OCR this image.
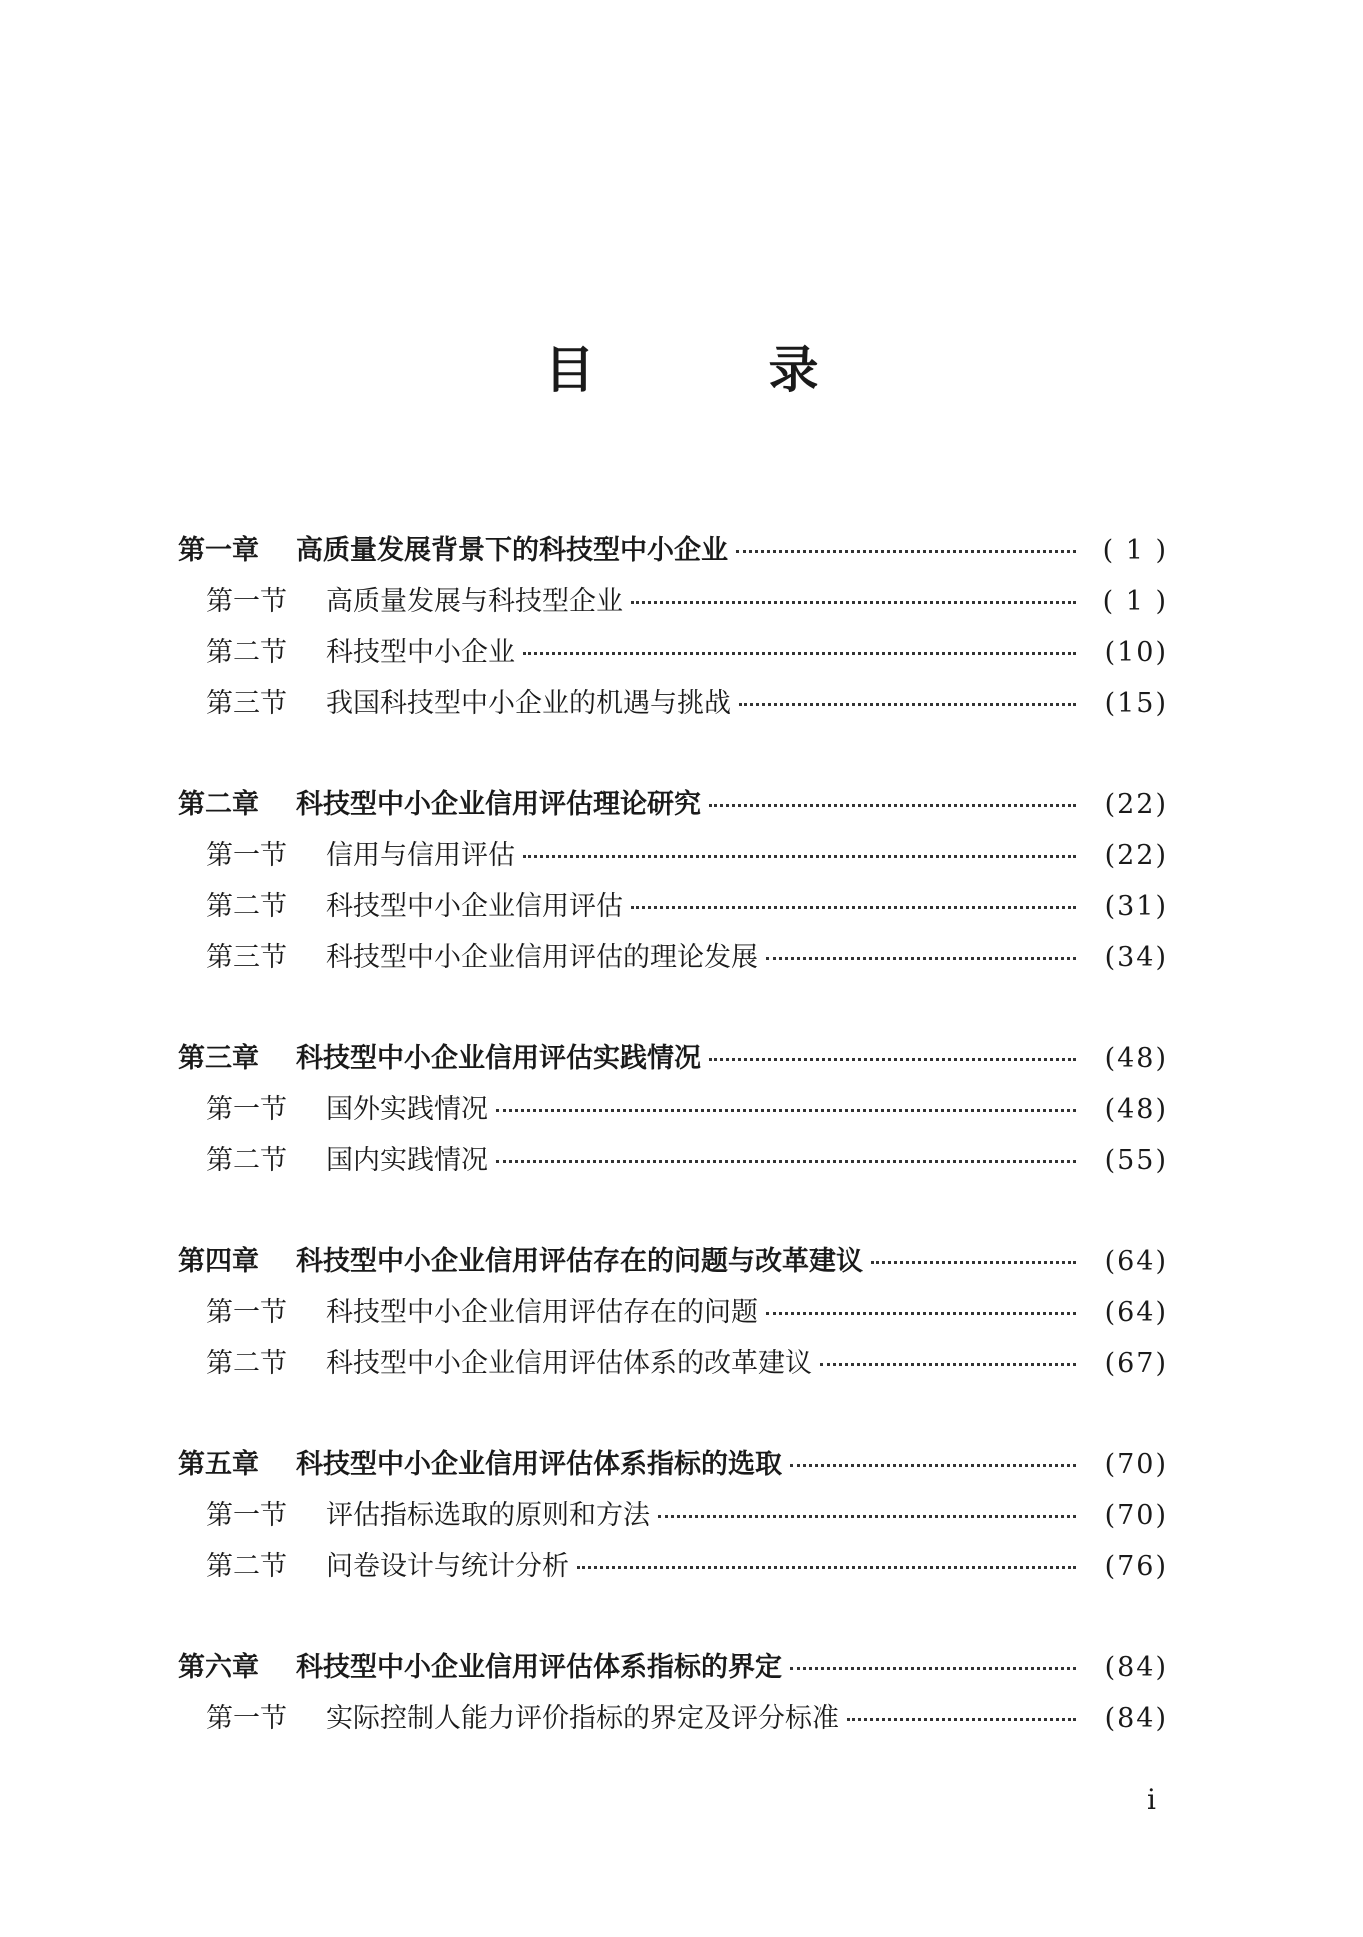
目　录
第一章	高质量发展背景下的科技型中小企业	( 1 )
第一节	高质量发展与科技型企业	( 1 )
第二节	科技型中小企业	(10)
第三节	我国科技型中小企业的机遇与挑战	(15)
第二章	科技型中小企业信用评估理论研究	(22)
第一节	信用与信用评估	(22)
第二节	科技型中小企业信用评估	(31)
第三节	科技型中小企业信用评估的理论发展	(34)
第三章	科技型中小企业信用评估实践情况	(48)
第一节	国外实践情况	(48)
第二节	国内实践情况	(55)
第四章	科技型中小企业信用评估存在的问题与改革建议	(64)
第一节	科技型中小企业信用评估存在的问题	(64)
第二节	科技型中小企业信用评估体系的改革建议	(67)
第五章	科技型中小企业信用评估体系指标的选取	(70)
第一节	评估指标选取的原则和方法	(70)
第二节	问卷设计与统计分析	(76)
第六章	科技型中小企业信用评估体系指标的界定	(84)
第一节	实际控制人能力评价指标的界定及评分标准	(84)
i
